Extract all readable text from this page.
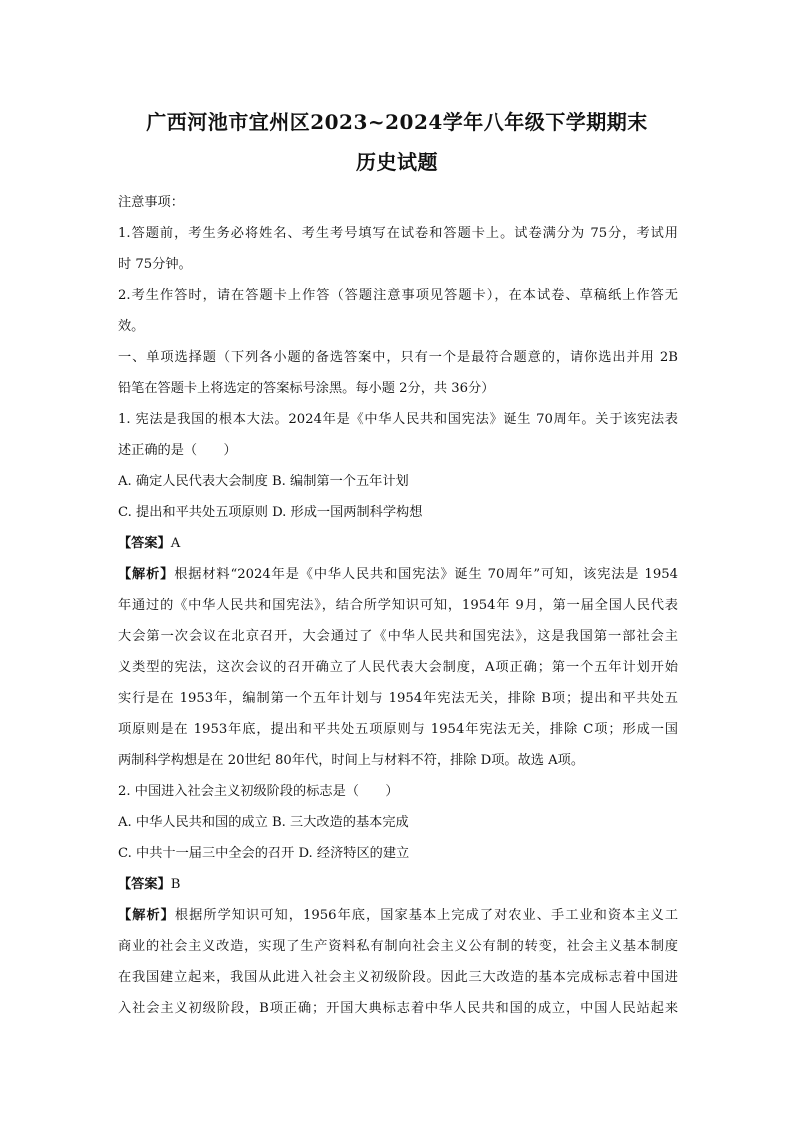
广西河池市宜州区2023~2024学年八年级下学期期末
历史试题
注意事项：
1.答题前，考生务必将姓名、考生考号填写在试卷和答题卡上。试卷满分为 75分，考试用
时 75分钟。
2.考生作答时，请在答题卡上作答（答题注意事项见答题卡），在本试卷、草稿纸上作答无
效。
一、单项选择题（下列各小题的备选答案中，只有一个是最符合题意的，请你选出并用 2B
铅笔在答题卡上将选定的答案标号涂黑。每小题 2分，共 36分）
1. 宪法是我国的根本大法。2024年是《中华人民共和国宪法》诞生 70周年。关于该宪法表
述正确的是（　　）
A. 确定人民代表大会制度 B. 编制第一个五年计划
C. 提出和平共处五项原则 D. 形成一国两制科学构想
【答案】A
【解析】根据材料“2024年是《中华人民共和国宪法》诞生 70周年”可知，该宪法是 1954
年通过的《中华人民共和国宪法》，结合所学知识可知，1954年 9月，第一届全国人民代表
大会第一次会议在北京召开，大会通过了《中华人民共和国宪法》，这是我国第一部社会主
义类型的宪法，这次会议的召开确立了人民代表大会制度，A项正确；第一个五年计划开始
实行是在 1953年，编制第一个五年计划与 1954年宪法无关，排除 B项；提出和平共处五
项原则是在 1953年底，提出和平共处五项原则与 1954年宪法无关，排除 C项；形成一国
两制科学构想是在 20世纪 80年代，时间上与材料不符，排除 D项。故选 A项。
2. 中国进入社会主义初级阶段的标志是（　　）
A. 中华人民共和国的成立 B. 三大改造的基本完成
C. 中共十一届三中全会的召开 D. 经济特区的建立
【答案】B
【解析】根据所学知识可知，1956年底，国家基本上完成了对农业、手工业和资本主义工
商业的社会主义改造，实现了生产资料私有制向社会主义公有制的转变，社会主义基本制度
在我国建立起来，我国从此进入社会主义初级阶段。因此三大改造的基本完成标志着中国进
入社会主义初级阶段，B项正确；开国大典标志着中华人民共和国的成立，中国人民站起来
